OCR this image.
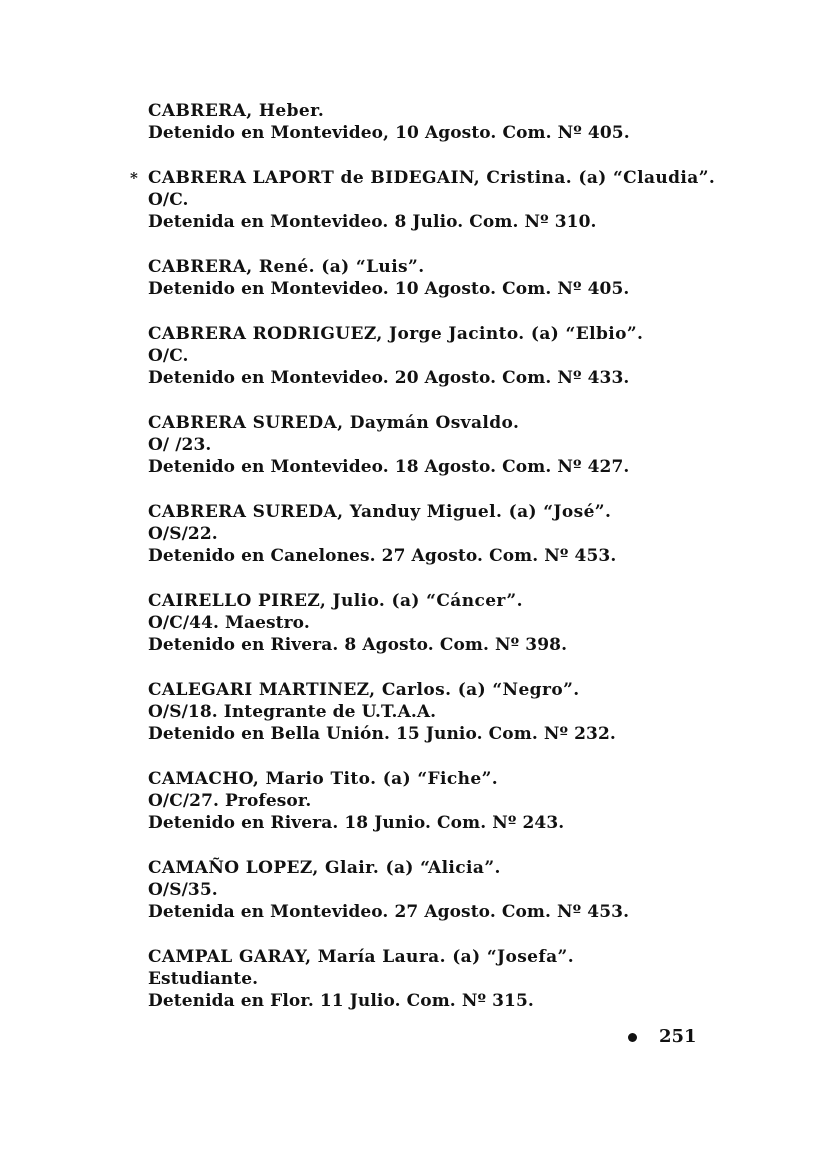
CABRERA, Heber.
Detenido en Montevideo, 10 Agosto. Com. Nº 405.
* CABRERA LAPORT de BIDEGAIN, Cristina. (a) “Claudia”.
O/C.
Detenida en Montevideo. 8 Julio. Com. Nº 310.
CABRERA, René. (a) “Luis”.
Detenido en Montevideo. 10 Agosto. Com. Nº 405.
CABRERA RODRIGUEZ, Jorge Jacinto. (a) “Elbio”.
O/C.
Detenido en Montevideo. 20 Agosto. Com. Nº 433.
CABRERA SUREDA, Daymán Osvaldo.
O/ /23.
Detenido en Montevideo. 18 Agosto. Com. Nº 427.
CABRERA SUREDA, Yanduy Miguel. (a) “José”.
O/S/22.
Detenido en Canelones. 27 Agosto. Com. Nº 453.
CAIRELLO PIREZ, Julio. (a) “Cáncer”.
O/C/44. Maestro.
Detenido en Rivera. 8 Agosto. Com. Nº 398.
CALEGARI MARTINEZ, Carlos. (a) “Negro”.
O/S/18. Integrante de U.T.A.A.
Detenido en Bella Unión. 15 Junio. Com. Nº 232.
CAMACHO, Mario Tito. (a) “Fiche”.
O/C/27. Profesor.
Detenido en Rivera. 18 Junio. Com. Nº 243.
CAMAÑO LOPEZ, Glair. (a) “Alicia”.
O/S/35.
Detenida en Montevideo. 27 Agosto. Com. Nº 453.
CAMPAL GARAY, María Laura. (a) “Josefa”.
Estudiante.
Detenida en Flor. 11 Julio. Com. Nº 315.
251
